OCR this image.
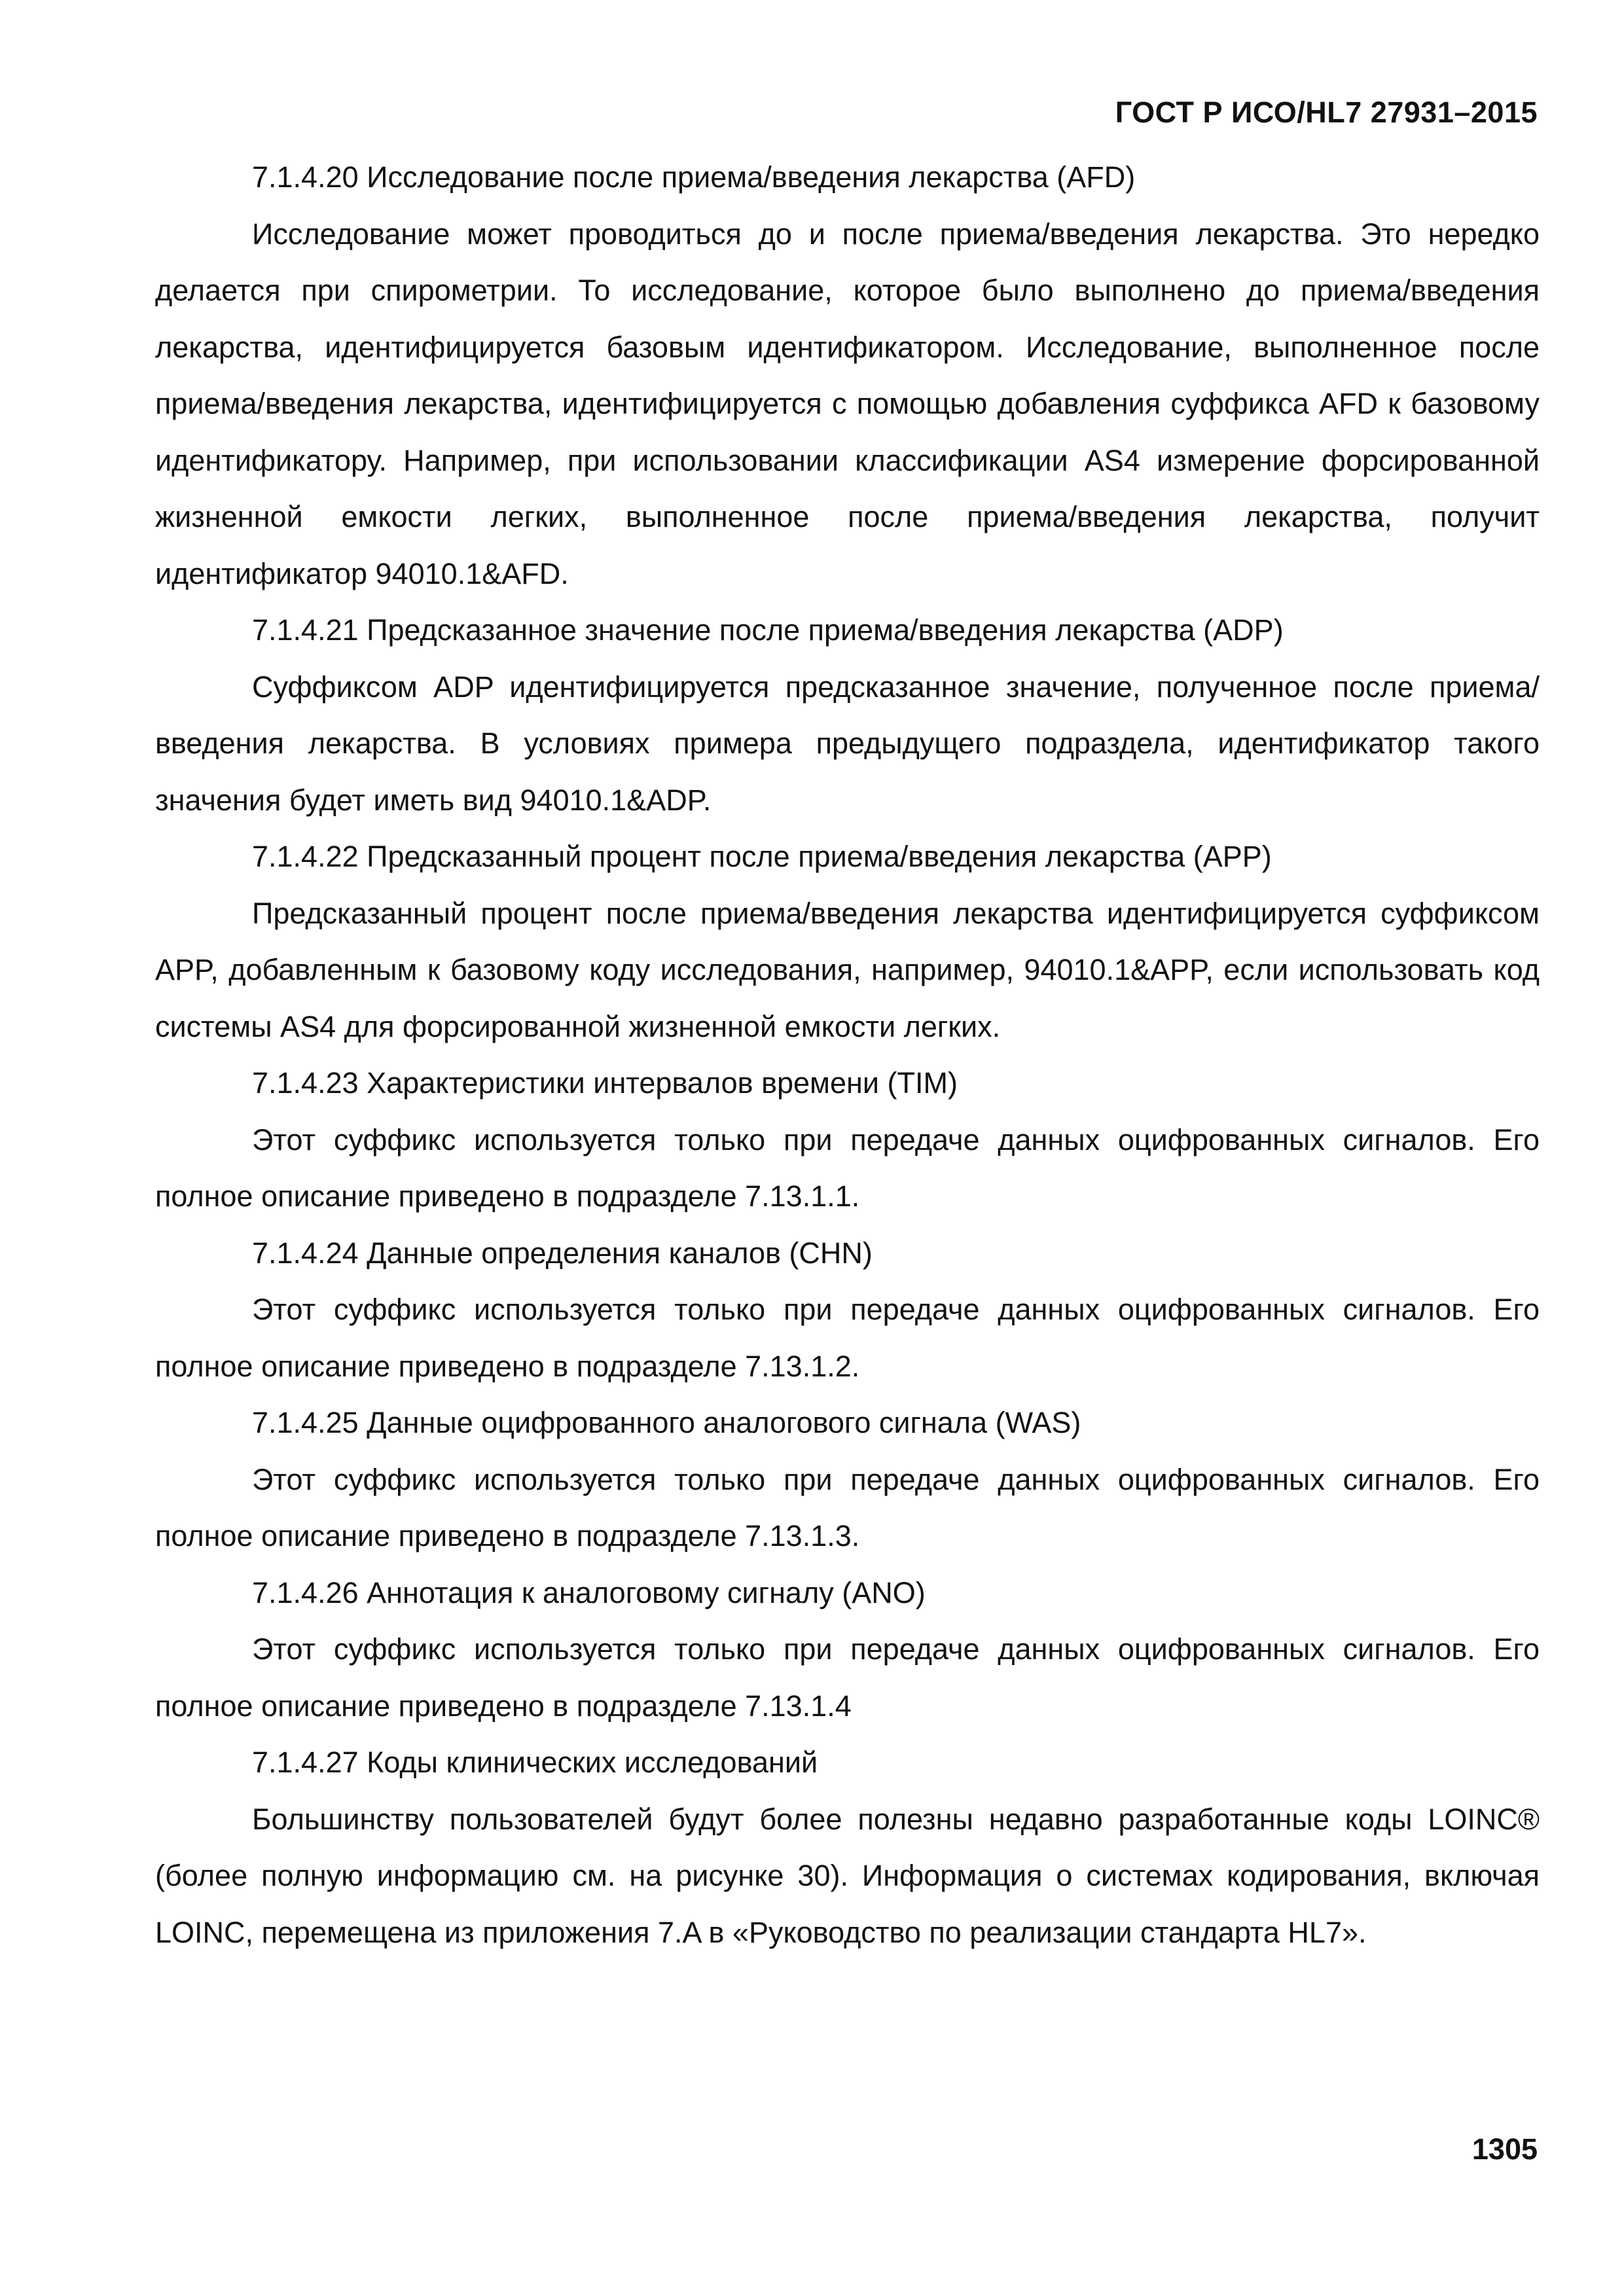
ГОСТ Р ИСО/HL7 27931–2015

7.1.4.20 Исследование после приема/введения лекарства (AFD)

Исследование может проводиться до и после приема/введения лекарства. Это нередко делается при спирометрии. То исследование, которое было выполнено до приема/введения лекарства, идентифицируется базовым идентификатором. Исследование, выполненное после приема/введения лекарства, идентифицируется с помощью добавления суффикса AFD к базовому идентификатору. Например, при использовании классификации AS4 измерение форсированной жизненной емкости легких, выполненное после приема/введения лекарства, получит идентификатор 94010.1&AFD.

7.1.4.21 Предсказанное значение после приема/введения лекарства (ADP)

Суффиксом ADP идентифицируется предсказанное значение, полученное после приема/введения лекарства. В условиях примера предыдущего подраздела, идентификатор такого значения будет иметь вид 94010.1&ADP.

7.1.4.22 Предсказанный процент после приема/введения лекарства (APP)

Предсказанный процент после приема/введения лекарства идентифицируется суффиксом APP, добавленным к базовому коду исследования, например, 94010.1&APP, если использовать код системы AS4 для форсированной жизненной емкости легких.

7.1.4.23 Характеристики интервалов времени (TIM)

Этот суффикс используется только при передаче данных оцифрованных сигналов. Его полное описание приведено в подразделе 7.13.1.1.

7.1.4.24 Данные определения каналов (CHN)

Этот суффикс используется только при передаче данных оцифрованных сигналов. Его полное описание приведено в подразделе 7.13.1.2.

7.1.4.25 Данные оцифрованного аналогового сигнала (WAS)

Этот суффикс используется только при передаче данных оцифрованных сигналов. Его полное описание приведено в подразделе 7.13.1.3.

7.1.4.26 Аннотация к аналоговому сигналу (ANO)

Этот суффикс используется только при передаче данных оцифрованных сигналов. Его полное описание приведено в подразделе 7.13.1.4

7.1.4.27 Коды клинических исследований

Большинству пользователей будут более полезны недавно разработанные коды LOINC® (более полную информацию см. на рисунке 30). Информация о системах кодирования, включая LOINC, перемещена из приложения 7.A в «Руководство по реализации стандарта HL7».

1305
